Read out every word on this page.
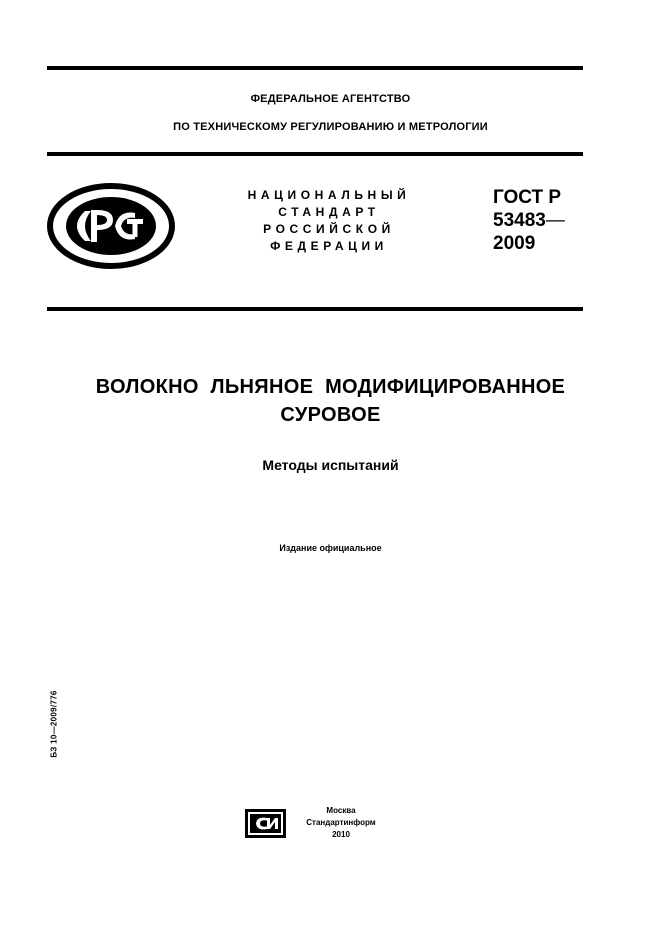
ФЕДЕРАЛЬНОЕ АГЕНТСТВО
ПО ТЕХНИЧЕСКОМУ РЕГУЛИРОВАНИЮ И МЕТРОЛОГИИ
НАЦИОНАЛЬНЫЙ
СТАНДАРТ
РОССИЙСКОЙ
ФЕДЕРАЦИИ
ГОСТ Р
53483—
2009
ВОЛОКНО ЛЬНЯНОЕ МОДИФИЦИРОВАННОЕ
СУРОВОЕ
Методы испытаний
Издание официальное
БЗ 10—2009/776
Москва
Стандартинформ
2010
